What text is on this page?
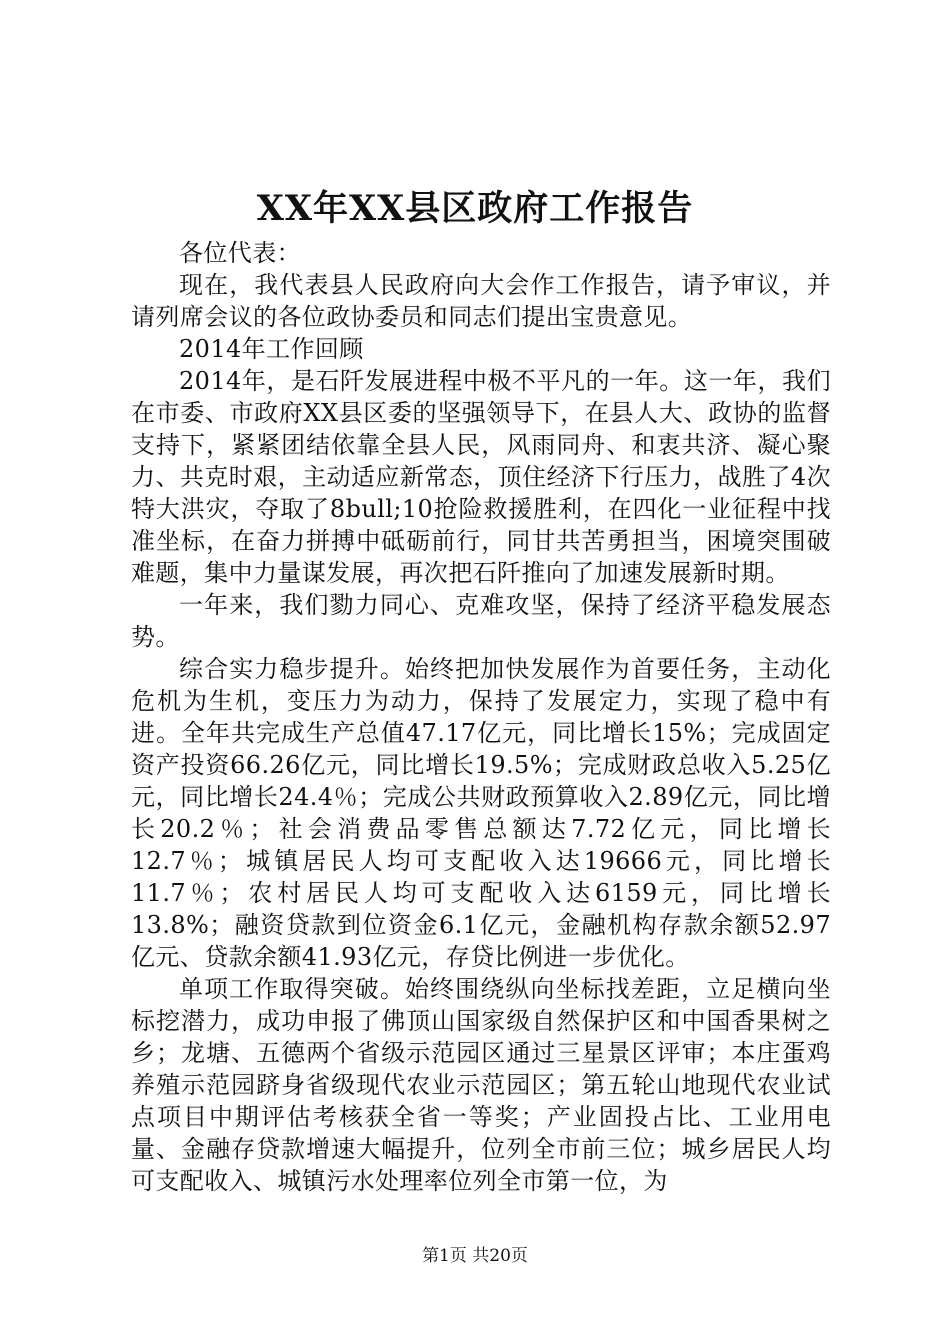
XX年XX县区政府工作报告

各位代表：

现在，我代表县人民政府向大会作工作报告，请予审议，并请列席会议的各位政协委员和同志们提出宝贵意见。

2014年工作回顾

2014年，是石阡发展进程中极不平凡的一年。这一年，我们在市委、市政府XX县区委的坚强领导下，在县人大、政协的监督支持下，紧紧团结依靠全县人民，风雨同舟、和衷共济、凝心聚力、共克时艰，主动适应新常态，顶住经济下行压力，战胜了4次特大洪灾，夺取了8bull;10抢险救援胜利，在四化一业征程中找准坐标，在奋力拼搏中砥砺前行，同甘共苦勇担当，困境突围破难题，集中力量谋发展，再次把石阡推向了加速发展新时期。

一年来，我们勠力同心、克难攻坚，保持了经济平稳发展态势。

综合实力稳步提升。始终把加快发展作为首要任务，主动化危机为生机，变压力为动力，保持了发展定力，实现了稳中有进。全年共完成生产总值47.17亿元，同比增长15%；完成固定资产投资66.26亿元，同比增长19.5%；完成财政总收入5.25亿元，同比增长24.4％；完成公共财政预算收入2.89亿元，同比增长20.2％；社会消费品零售总额达7.72亿元，同比增长12.7％；城镇居民人均可支配收入达19666元，同比增长11.7％；农村居民人均可支配收入达6159元，同比增长13.8%；融资贷款到位资金6.1亿元，金融机构存款余额52.97亿元、贷款余额41.93亿元，存贷比例进一步优化。

单项工作取得突破。始终围绕纵向坐标找差距，立足横向坐标挖潜力，成功申报了佛顶山国家级自然保护区和中国香果树之乡；龙塘、五德两个省级示范园区通过三星景区评审；本庄蛋鸡养殖示范园跻身省级现代农业示范园区；第五轮山地现代农业试点项目中期评估考核获全省一等奖；产业固投占比、工业用电量、金融存贷款增速大幅提升，位列全市前三位；城乡居民人均可支配收入、城镇污水处理率位列全市第一位，为

第1页 共20页
